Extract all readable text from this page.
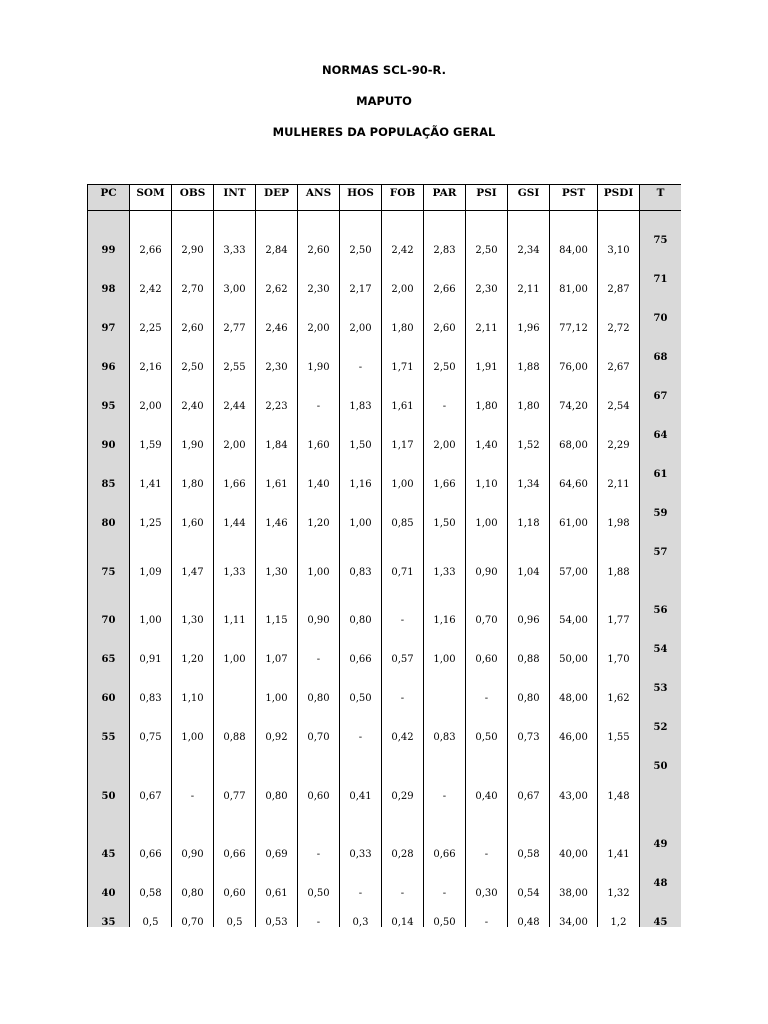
NORMAS SCL-90-R.
MAPUTO
MULHERES DA POPULAÇÃO GERAL
PC	SOM	OBS	INT	DEP	ANS	HOS	FOB	PAR	PSI	GSI	PST	PSDI	T

99	2,66	2,90	3,33	2,84	2,60	2,50	2,42	2,83	2,50	2,34	84,00	3,10	75
98	2,42	2,70	3,00	2,62	2,30	2,17	2,00	2,66	2,30	2,11	81,00	2,87	71
97	2,25	2,60	2,77	2,46	2,00	2,00	1,80	2,60	2,11	1,96	77,12	2,72	70
96	2,16	2,50	2,55	2,30	1,90	-	1,71	2,50	1,91	1,88	76,00	2,67	68
95	2,00	2,40	2,44	2,23	-	1,83	1,61	-	1,80	1,80	74,20	2,54	67
90	1,59	1,90	2,00	1,84	1,60	1,50	1,17	2,00	1,40	1,52	68,00	2,29	64
85	1,41	1,80	1,66	1,61	1,40	1,16	1,00	1,66	1,10	1,34	64,60	2,11	61
80	1,25	1,60	1,44	1,46	1,20	1,00	0,85	1,50	1,00	1,18	61,00	1,98	59
75	1,09	1,47	1,33	1,30	1,00	0,83	0,71	1,33	0,90	1,04	57,00	1,88	57
70	1,00	1,30	1,11	1,15	0,90	0,80	-	1,16	0,70	0,96	54,00	1,77	56
65	0,91	1,20	1,00	1,07	-	0,66	0,57	1,00	0,60	0,88	50,00	1,70	54
60	0,83	1,10		1,00	0,80	0,50	-		-	0,80	48,00	1,62	53
55	0,75	1,00	0,88	0,92	0,70	-	0,42	0,83	0,50	0,73	46,00	1,55	52
50	0,67	-	0,77	0,80	0,60	0,41	0,29	-	0,40	0,67	43,00	1,48	50
45	0,66	0,90	0,66	0,69	-	0,33	0,28	0,66	-	0,58	40,00	1,41	49
40	0,58	0,80	0,60	0,61	0,50	-	-	-	0,30	0,54	38,00	1,32	48
35	0,5	0,70	0,5	0,53	-	0,3	0,14	0,50	-	0,48	34,00	1,2	45
